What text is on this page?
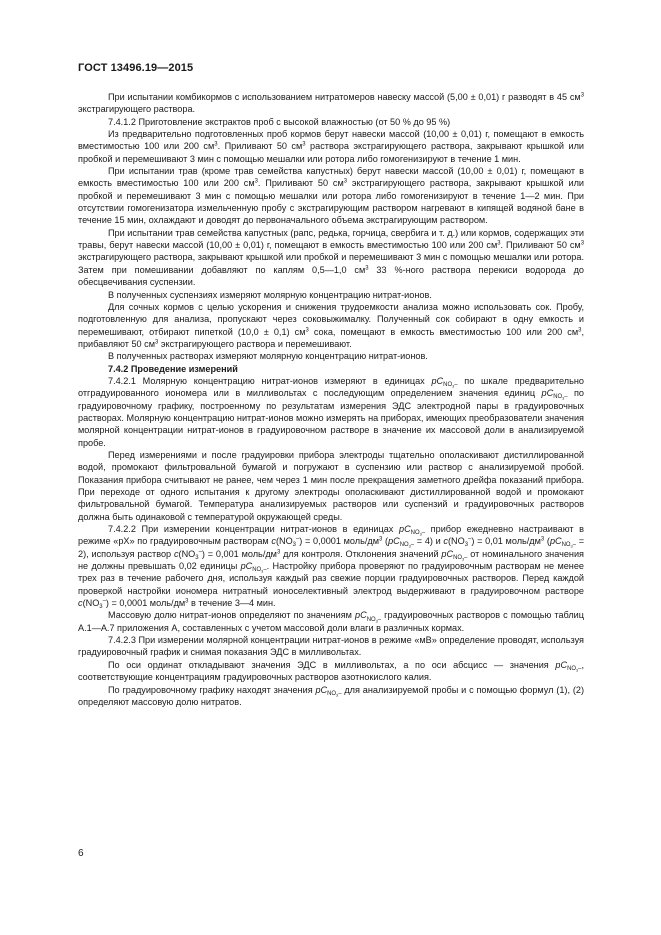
ГОСТ 13496.19—2015

При испытании комбикормов с использованием нитратомеров навеску массой (5,00 ± 0,01) г разводят в 45 $см^3$ экстрагирующего раствора.

7.4.1.2 Приготовление экстрактов проб с высокой влажностью (от 50 % до 95 %)

Из предварительно подготовленных проб кормов берут навески массой (10,00 ± 0,01) г, помещают в емкость вместимостью 100 или 200 $см^3$. Приливают 50 $см^3$ раствора экстрагирующего раствора, закрывают крышкой или пробкой и перемешивают 3 мин с помощью мешалки или ротора либо гомогенизируют в течение 1 мин.

При испытании трав (кроме трав семейства капустных) берут навески массой (10,00 ± 0,01) г, помещают в емкость вместимостью 100 или 200 $см^3$. Приливают 50 $см^3$ экстрагирующего раствора, закрывают крышкой или пробкой и перемешивают 3 мин с помощью мешалки или ротора либо гомогенизируют в течение 1—2 мин. При отсутствии гомогенизатора измельченную пробу с экстрагирующим раствором нагревают в кипящей водяной бане в течение 15 мин, охлаждают и доводят до первоначального объема экстрагирующим раствором.

При испытании трав семейства капустных (рапс, редька, горчица, свербига и т. д.) или кормов, содержащих эти травы, берут навески массой (10,00 ± 0,01) г, помещают в емкость вместимостью 100 или 200 $см^3$. Приливают 50 $см^3$ экстрагирующего раствора, закрывают крышкой или пробкой и перемешивают 3 мин с помощью мешалки или ротора. Затем при помешивании добавляют по каплям 0,5—1,0 $см^3$ 33 %-ного раствора перекиси водорода до обесцвечивания суспензии.

В полученных суспензиях измеряют молярную концентрацию нитрат-ионов.

Для сочных кормов с целью ускорения и снижения трудоемкости анализа можно использовать сок. Пробу, подготовленную для анализа, пропускают через соковыжималку. Полученный сок собирают в одну емкость и перемешивают, отбирают пипеткой (10,0 ± 0,1) $см^3$ сока, помещают в емкость вместимостью 100 или 200 $см^3$, прибавляют 50 $см^3$ экстрагирующего раствора и перемешивают.

В полученных растворах измеряют молярную концентрацию нитрат-ионов.

7.4.2 Проведение измерений

7.4.2.1 Молярную концентрацию нитрат-ионов измеряют в единицах $pC_{NO_3-}$ по шкале предварительно отградуированного иономера или в милливольтах с последующим определением значения единиц $pC_{NO_3-}$ по градуировочному графику, построенному по результатам измерения ЭДС электродной пары в градуировочных растворах. Молярную концентрацию нитрат-ионов можно измерять на приборах, имеющих преобразователи значения молярной концентрации нитрат-ионов в градуировочном растворе в значение их массовой доли в анализируемой пробе.

Перед измерениями и после градуировки прибора электроды тщательно ополаскивают дистиллированной водой, промокают фильтровальной бумагой и погружают в суспензию или раствор с анализируемой пробой. Показания прибора считывают не ранее, чем через 1 мин после прекращения заметного дрейфа показаний прибора. При переходе от одного испытания к другому электроды ополаскивают дистиллированной водой и промокают фильтровальной бумагой. Температура анализируемых растворов или суспензий и градуировочных растворов должна быть одинаковой с температурой окружающей среды.

7.4.2.2 При измерении концентрации нитрат-ионов в единицах $pC_{NO_3-}$ прибор ежедневно настраивают в режиме «рХ» по градуировочным растворам $c(NO_3^-) = 0,0001$ моль/$дм^3$ $(pC_{NO_3-} = 4)$ и $c(NO_3^-) = 0,01$ моль/$дм^3$ $(pC_{NO_3-} = 2)$, используя раствор $c(NO_3^-) = 0,001$ моль/$дм^3$ для контроля. Отклонения значений $pC_{NO_3-}$ от номинального значения не должны превышать 0,02 единицы $pC_{NO_3-}$. Настройку прибора проверяют по градуировочным растворам не менее трех раз в течение рабочего дня, используя каждый раз свежие порции градуировочных растворов. Перед каждой проверкой настройки иономера нитратный ионоселективный электрод выдерживают в градуировочном растворе $c(NO_3^-) = 0,0001$ моль/$дм^3$ в течение 3—4 мин.

Массовую долю нитрат-ионов определяют по значениям $pC_{NO_3-}$ градуировочных растворов с помощью таблиц А.1—А.7 приложения А, составленных с учетом массовой доли влаги в различных кормах.

7.4.2.3 При измерении молярной концентрации нитрат-ионов в режиме «мВ» определение проводят, используя градуировочный график и снимая показания ЭДС в милливольтах.

По оси ординат откладывают значения ЭДС в милливольтах, а по оси абсцисс — значения $pC_{NO_3-}$, соответствующие концентрациям градуировочных растворов азотнокислого калия.

По градуировочному графику находят значения $pC_{NO_3-}$ для анализируемой пробы и с помощью формул (1), (2) определяют массовую долю нитратов.

6
